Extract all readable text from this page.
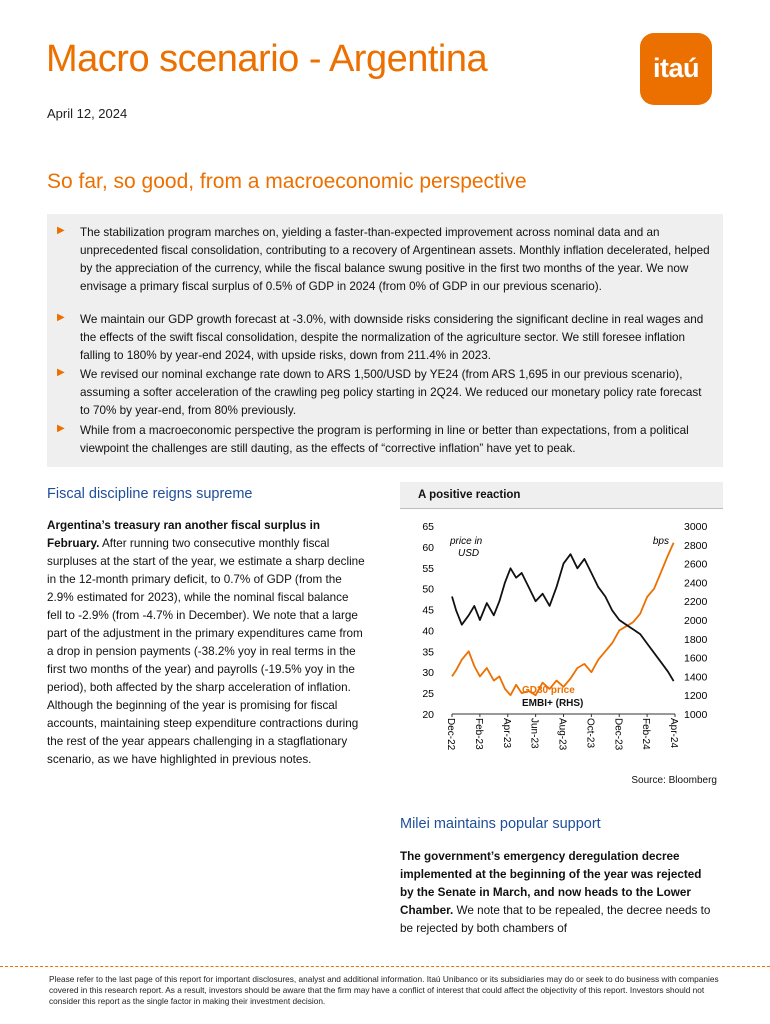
Macro scenario - Argentina
April 12, 2024
itaú
So far, so good, from a macroeconomic perspective
▶ The stabilization program marches on, yielding a faster-than-expected improvement across nominal data and an unprecedented fiscal consolidation, contributing to a recovery of Argentinean assets. Monthly inflation decelerated, helped by the appreciation of the currency, while the fiscal balance swung positive in the first two months of the year. We now envisage a primary fiscal surplus of 0.5% of GDP in 2024 (from 0% of GDP in our previous scenario).
▶ We maintain our GDP growth forecast at -3.0%, with downside risks considering the significant decline in real wages and the effects of the swift fiscal consolidation, despite the normalization of the agriculture sector. We still foresee inflation falling to 180% by year-end 2024, with upside risks, down from 211.4% in 2023.
▶ We revised our nominal exchange rate down to ARS 1,500/USD by YE24 (from ARS 1,695 in our previous scenario), assuming a softer acceleration of the crawling peg policy starting in 2Q24. We reduced our monetary policy rate forecast to 70% by year-end, from 80% previously.
▶ While from a macroeconomic perspective the program is performing in line or better than expectations, from a political viewpoint the challenges are still dauting, as the effects of “corrective inflation” have yet to peak.
Fiscal discipline reigns supreme
Argentina’s treasury ran another fiscal surplus in February. After running two consecutive monthly fiscal surpluses at the start of the year, we estimate a sharp decline in the 12-month primary deficit, to 0.7% of GDP (from the 2.9% estimated for 2023), while the nominal fiscal balance fell to -2.9% (from -4.7% in December). We note that a large part of the adjustment in the primary expenditures came from a drop in pension payments (-38.2% yoy in real terms in the first two months of the year) and payrolls (-19.5% yoy in the period), both affected by the sharp acceleration of inflation. Although the beginning of the year is promising for fiscal accounts, maintaining steep expenditure contractions during the rest of the year appears challenging in a stagflationary scenario, as we have highlighted in previous notes.
A positive reaction
20
25
30
35
40
45
50
55
60
65
1000
1200
1400
1600
1800
2000
2200
2400
2600
2800
3000
Dec-22 Feb-23 Apr-23 Jun-23 Aug-23 Oct-23 Dec-23 Feb-24 Apr-24
price in USD
bps
GD30 price
EMBI+ (RHS)
Source: Bloomberg
Milei maintains popular support
The government’s emergency deregulation decree implemented at the beginning of the year was rejected by the Senate in March, and now heads to the Lower Chamber. We note that to be repealed, the decree needs to be rejected by both chambers of
Please refer to the last page of this report for important disclosures, analyst and additional information. Itaú Unibanco or its subsidiaries may do or seek to do business with companies covered in this research report. As a result, investors should be aware that the firm may have a conflict of interest that could affect the objectivity of this report. Investors should not consider this report as the single factor in making their investment decision.
